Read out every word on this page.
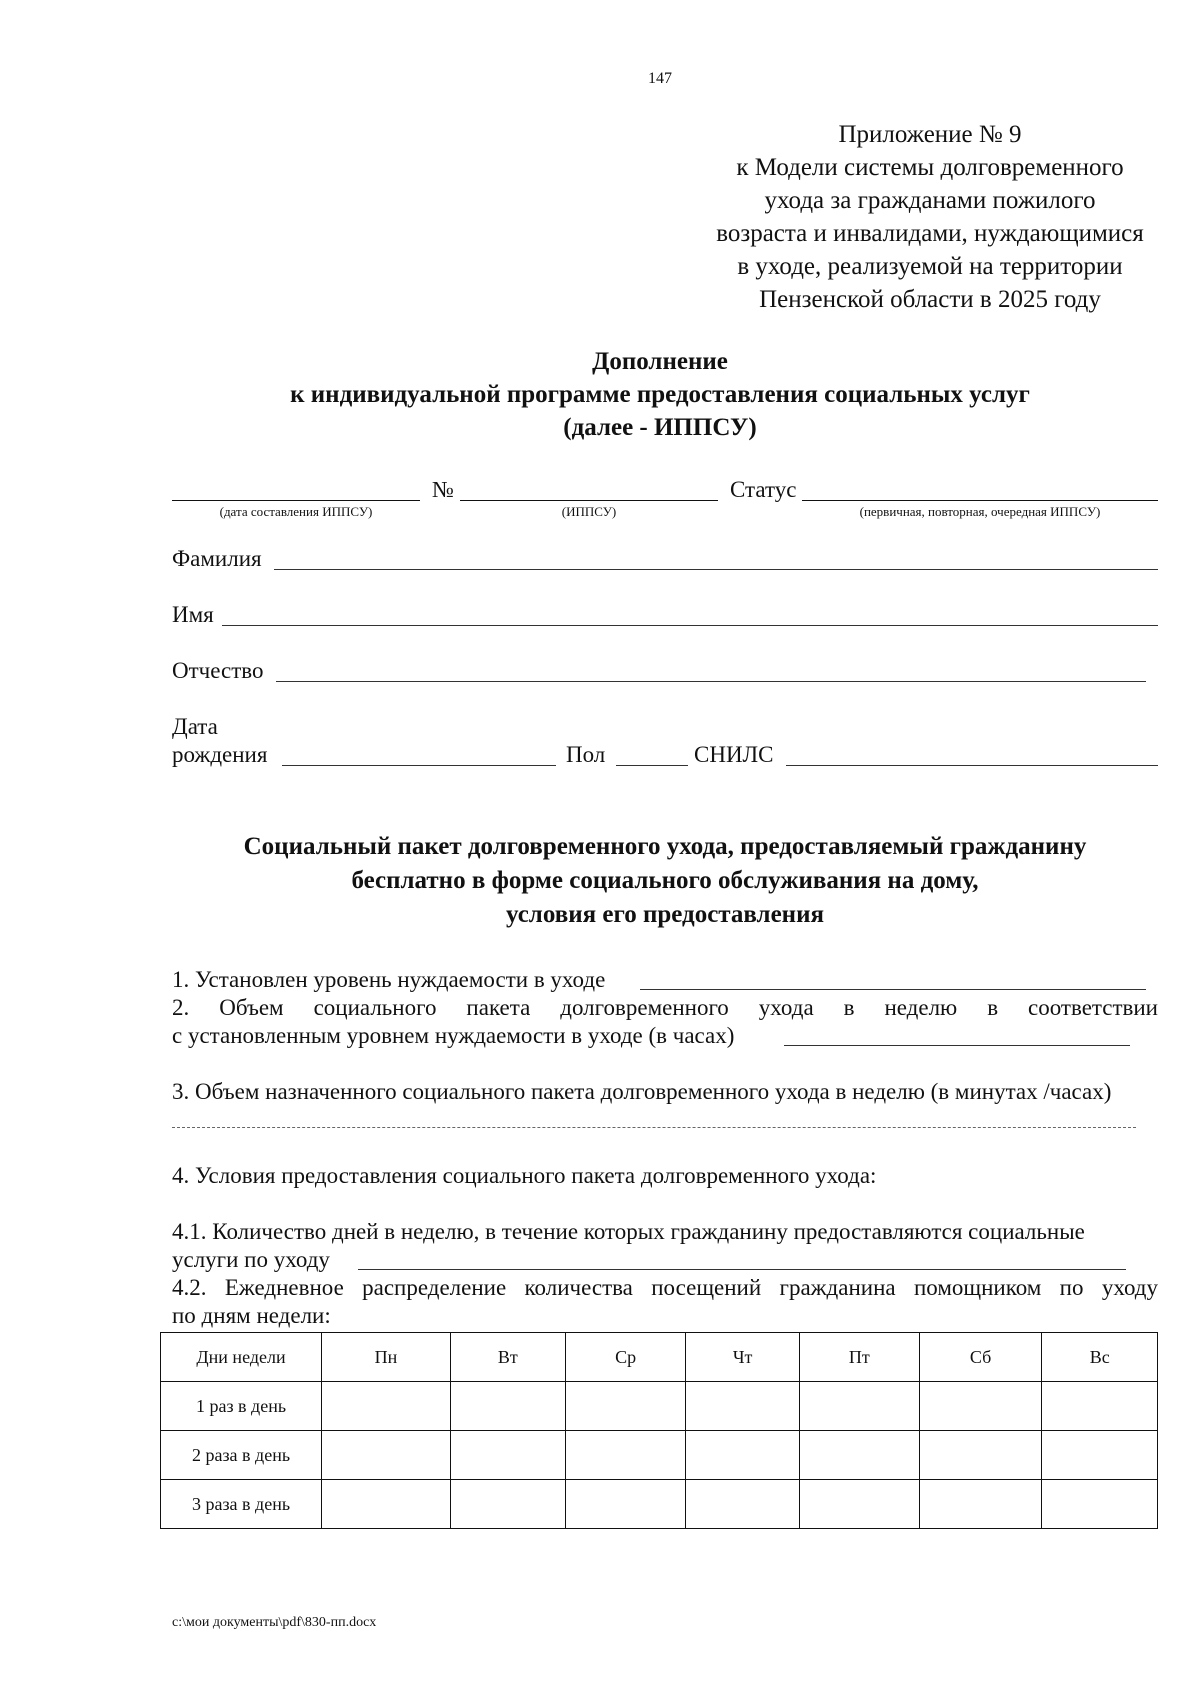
147
Приложение № 9
к Модели системы долговременного
ухода за гражданами пожилого
возраста и инвалидами, нуждающимися
в уходе, реализуемой на территории
Пензенской области в 2025 году
Дополнение
к индивидуальной программе предоставления социальных услуг
(далее - ИППСУ)
№	Статус
(дата составления ИППСУ)	(ИППСУ)	(первичная, повторная, очередная ИППСУ)
Фамилия
Имя
Отчество
Дата
рождения	Пол	СНИЛС
Социальный пакет долговременного ухода, предоставляемый гражданину
бесплатно в форме социального обслуживания на дому,
условия его предоставления
1. Установлен уровень нуждаемости в уходе
2. Объем социального пакета долговременного ухода в неделю в соответствии
с установленным уровнем нуждаемости в уходе (в часах)
3. Объем назначенного социального пакета долговременного ухода в неделю (в минутах /часах)
4. Условия предоставления социального пакета долговременного ухода:
4.1. Количество дней в неделю, в течение которых гражданину предоставляются социальные
услуги по уходу
4.2. Ежедневное распределение количества посещений гражданина помощником по уходу
по дням недели:
Дни недели	Пн	Вт	Ср	Чт	Пт	Сб	Вс
1 раз в день							
2 раза в день							
3 раза в день							
c:\мои документы\pdf\830-пп.docx
